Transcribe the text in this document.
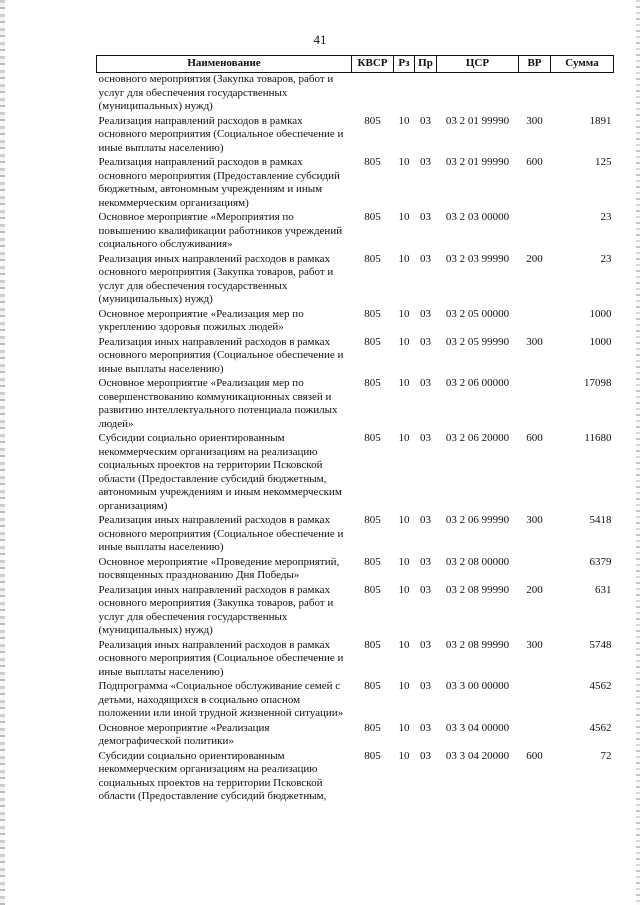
41
Наименование	КВСР	Рз	Пр	ЦСР	ВР	Сумма
основного мероприятия (Закупка товаров, работ и услуг для обеспечения государственных (муниципальных) нужд)						
Реализация направлений расходов в рамках основного мероприятия (Социальное обеспечение и иные выплаты населению)	805	10	03	03 2 01 99990	300	1891
Реализация направлений расходов в рамках основного мероприятия (Предоставление субсидий бюджетным, автономным учреждениям и иным некоммерческим организациям)	805	10	03	03 2 01 99990	600	125
Основное мероприятие «Мероприятия по повышению квалификации работников учреждений социального обслуживания»	805	10	03	03 2 03 00000		23
Реализация иных направлений расходов в рамках основного мероприятия (Закупка товаров, работ и услуг для обеспечения государственных (муниципальных) нужд)	805	10	03	03 2 03 99990	200	23
Основное мероприятие «Реализация мер по укреплению здоровья пожилых людей»	805	10	03	03 2 05 00000		1000
Реализация иных направлений расходов в рамках основного мероприятия (Социальное обеспечение и иные выплаты населению)	805	10	03	03 2 05 99990	300	1000
Основное мероприятие «Реализация мер по совершенствованию коммуникационных связей и развитию интеллектуального потенциала пожилых людей»	805	10	03	03 2 06 00000		17098
Субсидии социально ориентированным некоммерческим организациям на реализацию социальных проектов на территории Псковской области (Предоставление субсидий бюджетным, автономным учреждениям и иным некоммерческим организациям)	805	10	03	03 2 06 20000	600	11680
Реализация иных направлений расходов в рамках основного мероприятия (Социальное обеспечение и иные выплаты населению)	805	10	03	03 2 06 99990	300	5418
Основное мероприятие «Проведение мероприятий, посвященных празднованию Дня Победы»	805	10	03	03 2 08 00000		6379
Реализация иных направлений расходов в рамках основного мероприятия (Закупка товаров, работ и услуг для обеспечения государственных (муниципальных) нужд)	805	10	03	03 2 08 99990	200	631
Реализация иных направлений расходов в рамках основного мероприятия (Социальное обеспечение и иные выплаты населению)	805	10	03	03 2 08 99990	300	5748
Подпрограмма «Социальное обслуживание семей с детьми, находящихся в социально опасном положении или иной трудной жизненной ситуации»	805	10	03	03 3 00 00000		4562
Основное мероприятие «Реализация демографической политики»	805	10	03	03 3 04 00000		4562
Субсидии социально ориентированным некоммерческим организациям на реализацию социальных проектов на территории Псковской области (Предоставление субсидий бюджетным,	805	10	03	03 3 04 20000	600	72
